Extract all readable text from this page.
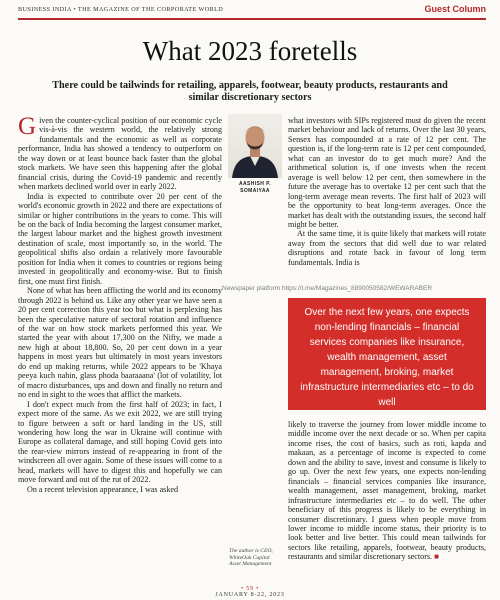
BUSINESS INDIA • THE MAGAZINE OF THE CORPORATE WORLD	Guest Column
What 2023 foretells
There could be tailwinds for retailing, apparels, footwear, beauty products, restaurants and similar discretionary sectors

Given the counter-cyclical position of our economic cycle vis-à-vis the western world, the relatively strong fundamentals and the economic as well as corporate performance, India has showed a tendency to outperform on the way down or at least bounce back faster than the global stock markets. We have seen this happening after the global financial crisis, during the Covid-19 pandemic and recently when markets declined world over in early 2022.

India is expected to contribute over 20 per cent of the world's economic growth in 2022 and there are expectations of similar or higher contributions in the years to come. This will be on the back of India becoming the largest consumer market, the largest labour market and the highest growth investment destination of scale, most importantly so, in the world. The geopolitical shifts also ordain a relatively more favourable position for India when it comes to countries or regions being invested in geopolitically and economy-wise. But to finish first, one must first finish.

None of what has been afflicting the world and its economy through 2022 is behind us. Like any other year we have seen a 20 per cent correction this year too but what is perplexing has been the speculative nature of sectoral rotation and influence of the war on how stock markets performed this year. We started the year with about 17,300 on the Nifty, we made a new high at about 18,800. So, 20 per cent down in a year happens in most years but ultimately in most years investors do end up making returns, while 2022 appears to be 'Khaya peeya kuch nahin, glass phoda baaraaana' (lot of volatility, lot of macro disturbances, ups and down and finally no return and no end in sight to the woes that afflict the markets.

I don't expect much from the first half of 2023; in fact, I expect more of the same. As we exit 2022, we are still trying to figure between a soft or hard landing in the US, still wondering how long the war in Ukraine will continue with Europe as collateral damage, and still hoping Covid gets into the rear-view mirrors instead of re-appearing in front of the windscreen all over again. Some of these issues will come to a head, markets will have to digest this and hopefully we can move forward and out of the rut of 2022.

On a recent television appearance, I was asked

AASHISH P.
SOMAIYAA
Newspaper platform https://t.me/Magazines_8890050582/WEWARABER

what investors with SIPs registered must do given the recent market behaviour and lack of returns. Over the last 30 years, Sensex has compounded at a rate of 12 per cent. The question is, if the long-term rate is 12 per cent compounded, what can an investor do to get much more? And the arithmetical solution is, if one invests when the recent average is well below 12 per cent, then somewhere in the future the average has to overtake 12 per cent such that the long-term average mean reverts. The first half of 2023 will be the opportunity to beat long-term averages. Once the market has dealt with the outstanding issues, the second half might be better.

At the same time, it is quite likely that markets will rotate away from the sectors that did well due to war related disruptions and rotate back in favour of long term fundamentals. India is

Over the next few years, one expects non-lending financials – financial services companies like insurance, wealth management, asset management, broking, market infrastructure intermediaries etc – to do well

likely to traverse the journey from lower middle income to middle income over the next decade or so. When per capita income rises, the cost of basics, such as roti, kapda and makaan, as a percentage of income is expected to come down and the ability to save, invest and consume is likely to go up. Over the next few years, one expects non-lending financials – financial services companies like insurance, wealth management, asset management, broking, market infrastructure intermediaries etc – to do well. The other beneficiary of this progress is likely to be everything in consumer discretionary. I guess when people move from lower income to middle income status, their priority is to look better and live better. This could mean tailwinds for sectors like retailing, apparels, footwear, beauty products, restaurants and similar discretionary sectors. ■

The author is CEO, WhiteOak Capital Asset Management
• 59 •
JANUARY 8-22, 2023
